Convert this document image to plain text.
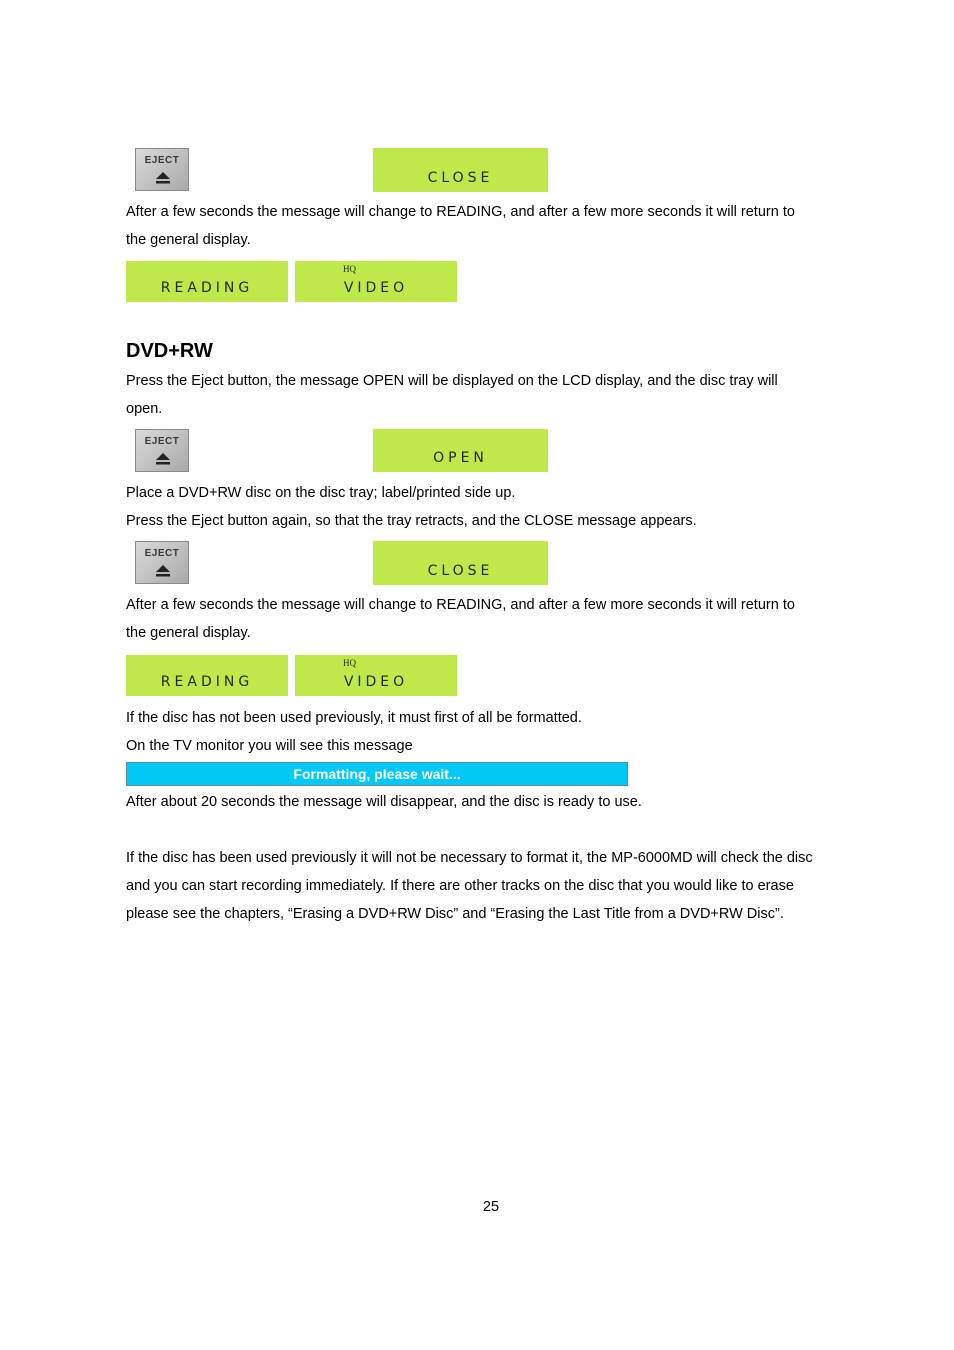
EJECT
CLOSE
After a few seconds the message will change to READING, and after a few more seconds it will return to
the general display.
READING
HQ
VIDEO
DVD+RW
Press the Eject button, the message OPEN will be displayed on the LCD display, and the disc tray will
open.
EJECT
OPEN
Place a DVD+RW disc on the disc tray; label/printed side up.
Press the Eject button again, so that the tray retracts, and the CLOSE message appears.
EJECT
CLOSE
After a few seconds the message will change to READING, and after a few more seconds it will return to
the general display.
READING
HQ
VIDEO
If the disc has not been used previously, it must first of all be formatted.
On the TV monitor you will see this message
Formatting, please wait...
After about 20 seconds the message will disappear, and the disc is ready to use.
If the disc has been used previously it will not be necessary to format it, the MP-6000MD will check the disc
and you can start recording immediately. If there are other tracks on the disc that you would like to erase
please see the chapters, “Erasing a DVD+RW Disc” and “Erasing the Last Title from a DVD+RW Disc”.
25
